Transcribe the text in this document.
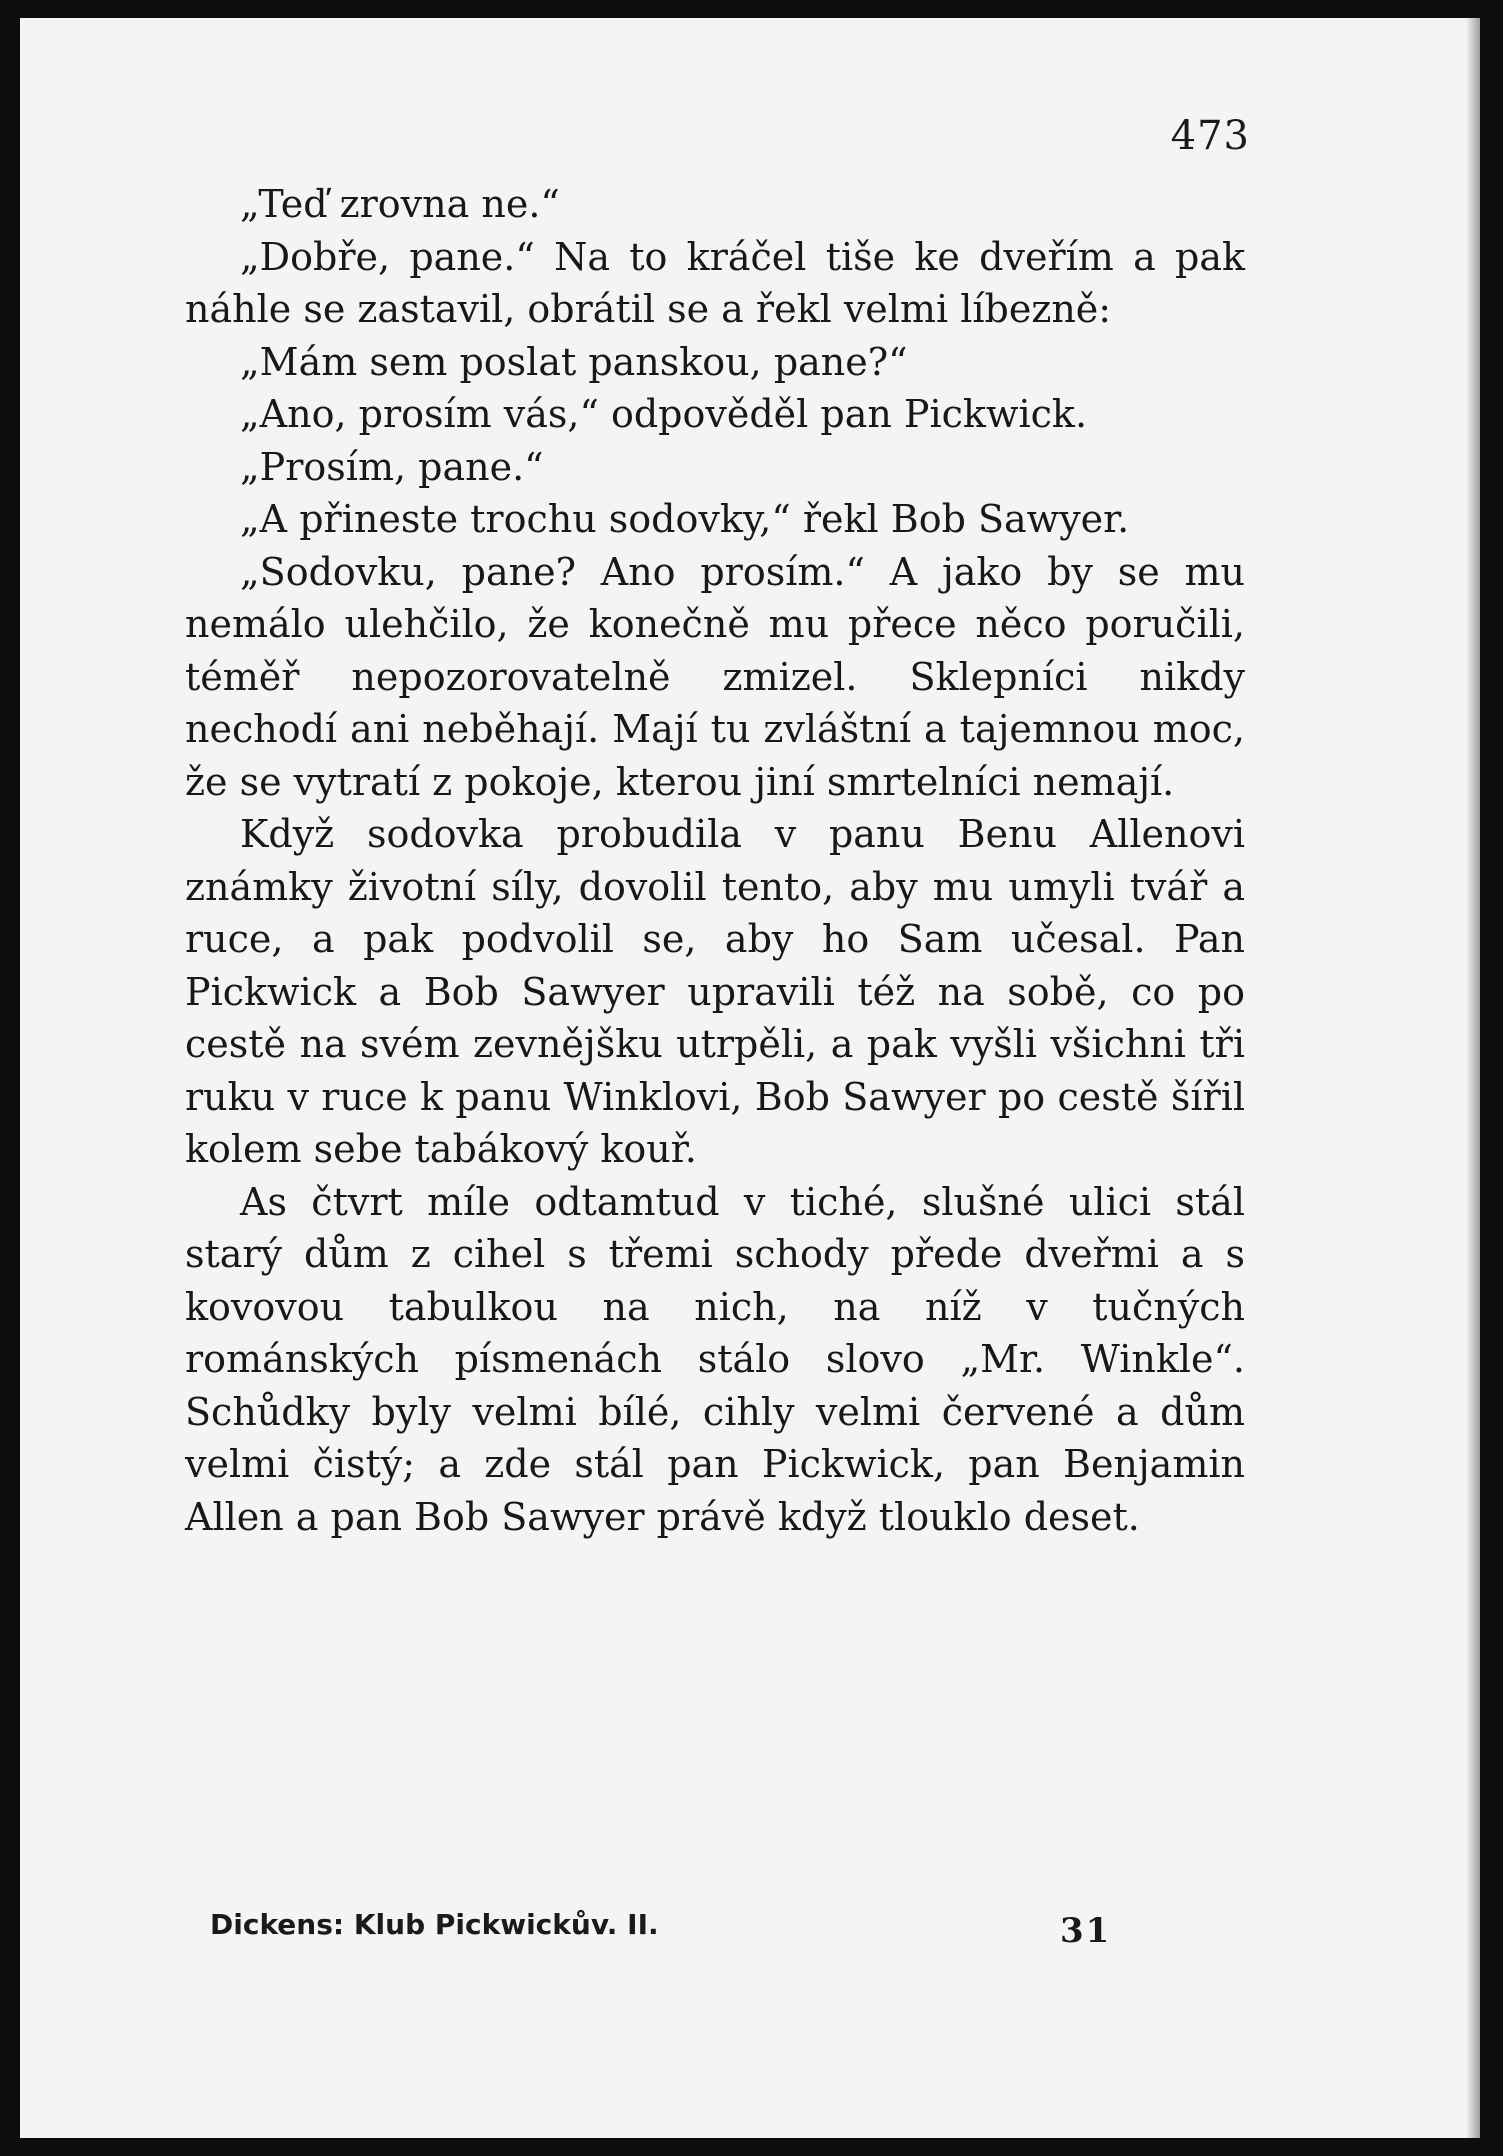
473

„Teď zrovna ne.“

„Dobře, pane.“ Na to kráčel tiše ke dveřím a pak náhle se zastavil, obrátil se a řekl velmi líbezně:

„Mám sem poslat panskou, pane?“

„Ano, prosím vás,“ odpověděl pan Pickwick.

„Prosím, pane.“

„A přineste trochu sodovky,“ řekl Bob Sawyer.

„Sodovku, pane? Ano prosím.“ A jako by se mu nemálo ulehčilo, že konečně mu přece něco poručili, téměř nepozorovatelně zmizel. Sklepníci nikdy nechodí ani neběhají. Mají tu zvláštní a tajemnou moc, že se vytratí z pokoje, kterou jiní smrtelníci nemají.

Když sodovka probudila v panu Benu Allenovi známky životní síly, dovolil tento, aby mu umyli tvář a ruce, a pak podvolil se, aby ho Sam učesal. Pan Pickwick a Bob Sawyer upravili též na sobě, co po cestě na svém zevnějšku utrpěli, a pak vyšli všichni tři ruku v ruce k panu Winklovi, Bob Sawyer po cestě šířil kolem sebe tabákový kouř.

As čtvrt míle odtamtud v tiché, slušné ulici stál starý dům z cihel s třemi schody přede dveřmi a s kovovou tabulkou na nich, na níž v tučných románských písmenách stálo slovo „Mr. Winkle“. Schůdky byly velmi bílé, cihly velmi červené a dům velmi čistý; a zde stál pan Pickwick, pan Benjamin Allen a pan Bob Sawyer právě když tlouklo deset.

Dickens: Klub Pickwickův. II.	31
